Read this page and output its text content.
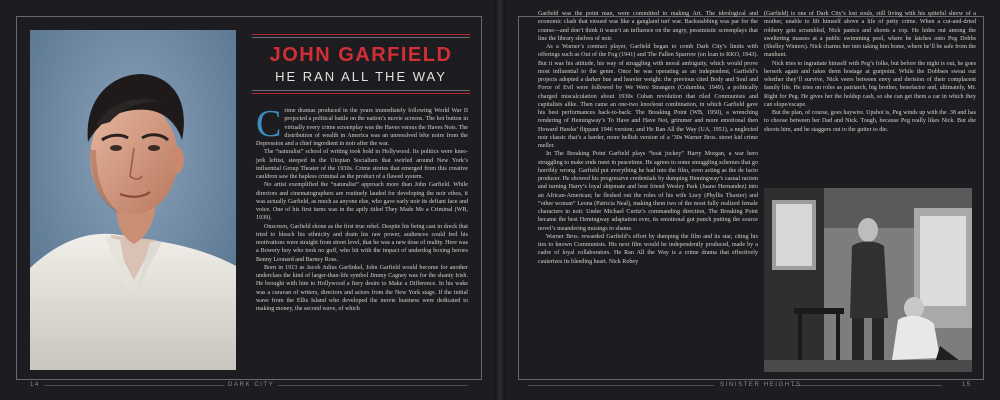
JOHN GARFIELD
HE RAN ALL THE WAY

Crime dramas produced in the years immediately following World War II projected a political battle on the nation’s movie screens. The hot button in virtually every crime screenplay was the Haves versus the Haves Nots. The distribution of wealth in America was an unresolved bête noire from the Depression and a chief ingredient in noir after the war.

The “naturalist” school of writing took hold in Hollywood. Its politics were knee-jerk leftist, steeped in the Utopian Socialism that swirled around New York’s influential Group Theater of the 1930s. Crime stories that emerged from this creative cauldron saw the hapless criminal as the product of a flawed system.

No artist exemplified the “naturalist” approach more than John Garfield. While directors and cinematographers are routinely lauded for developing the noir ethos, it was actually Garfield, as much as anyone else, who gave early noir its defiant face and voice. One of his first turns was in the aptly titled They Made Me a Criminal (WB, 1939).

Onscreen, Garfield shone as the first true rebel. Despite his being cast in dreck that tried to bleach his ethnicity and drain his raw power, audiences could feel his motivations were straight from street level, that he was a new dose of reality. Here was a Bowery boy who took no guff, who hit with the impact of underdog boxing heroes Benny Leonard and Barney Ross.

Born in 1913 as Jacob Julius Garfinkel, John Garfield would become for another underclass the kind of larger-than-life symbol Jimmy Cagney was for the shanty Irish. He brought with him to Hollywood a fiery desire to Make a Difference. In his wake was a caravan of writers, directors and actors from the New York stage. If the initial wave from the Ellis Island who developed the movie business were dedicated to making money, the second wave, of which

Garfield was the point man, were committed to making Art. The ideological and economic clash that ensued was like a gangland turf war. Backstabbing was par for the course—and don’t think it wasn’t an influence on the angry, pessimistic screenplays that line the library shelves of noir.

As a Warner’s contract player, Garfield began to comb Dark City’s limits with offerings such as Out of the Fog (1941) and The Fallen Sparrow (on loan to RKO, 1943). But it was his attitude, his way of struggling with moral ambiguity, which would prove most influential to the genre. Once he was operating as an independent, Garfield’s projects adopted a darker hue and heavier weight: the previous cited Body and Soul and Force of Evil were followed by We Were Strangers (Columbia, 1949), a politically charged miscalculation about 1930s Cuban revolution that riled Communists and capitalists alike. Then came an one-two knockout combination, in which Garfield gave his best performances back-to-back: The Breaking Point (WB, 1950), a wrenching rendering of Hemingway’s To Have and Have Not, grimmer and more emotional then Howard Hawks’ flippant 1946 version; and He Ran All the Way (UA, 1951), a neglected noir classic that’s a harder, more hellish version of a ’30s Warner Bros. street kid crime meller.

In The Breaking Point Garfield plays “boat jockey” Harry Morgan, a war hero struggling to make ends meet in peacetime. He agrees to some smuggling schemes that go horribly wrong. Garfield put everything he had into the film, even acting as the de facto producer. He showed his progressive credentials by dumping Hemingway’s casual racism and turning Harry’s loyal shipmate and best friend Wesley Park (Juano Hernandez) into an African-American; he fleshed out the roles of his wife Lucy (Phyllis Thaxter) and “other woman” Leona (Patricia Neal), making them two of the most fully realized female characters in noir. Under Michael Curtiz’s commanding direction, The Breaking Point became the best Hemingway adaptation ever, its emotional gut punch putting the source novel’s meandering musings to shame.

Warner Bros. rewarded Garfield’s effort by dumping the film and its star, citing his ties to known Communists. His next film would be independently produced, made by a cadre of loyal collaborators. He Ran All the Way is a crime drama that effectively cauterizes its bleeding heart. Nick Robey

(Garfield) is one of Dark City’s lost souls, still living with his spiteful shrew of a mother, unable to lift himself above a life of petty crime. When a cut-and-dried robbery gets scrambled, Nick panics and shoots a cop. He hides out among the sweltering masses at a public swimming pool, where he latches onto Peg Dobbs (Shelley Winters). Nick charms her into taking him home, where he’ll be safe from the manhunt.

Nick tries to ingratiate himself with Peg’s folks, but before the night is out, he goes berserk again and takes them hostage at gunpoint. While the Dobbses sweat out whether they’ll survive, Nick veers between envy and derision of their complacent family life. He tries on roles as patriarch, big brother, benefactor and, ultimately, Mr. Right for Peg. He gives her the holdup cash, so she can get them a car in which they can elope/escape.

But the plan, of course, goes haywire. Upshot is, Peg winds up with the .38 and has to choose between her Dad and Nick. Tough, because Peg really likes Nick. But she shoots him, and he staggers out to the gutter to die.

14	DARK CITY	SINISTER HEIGHTS	15
